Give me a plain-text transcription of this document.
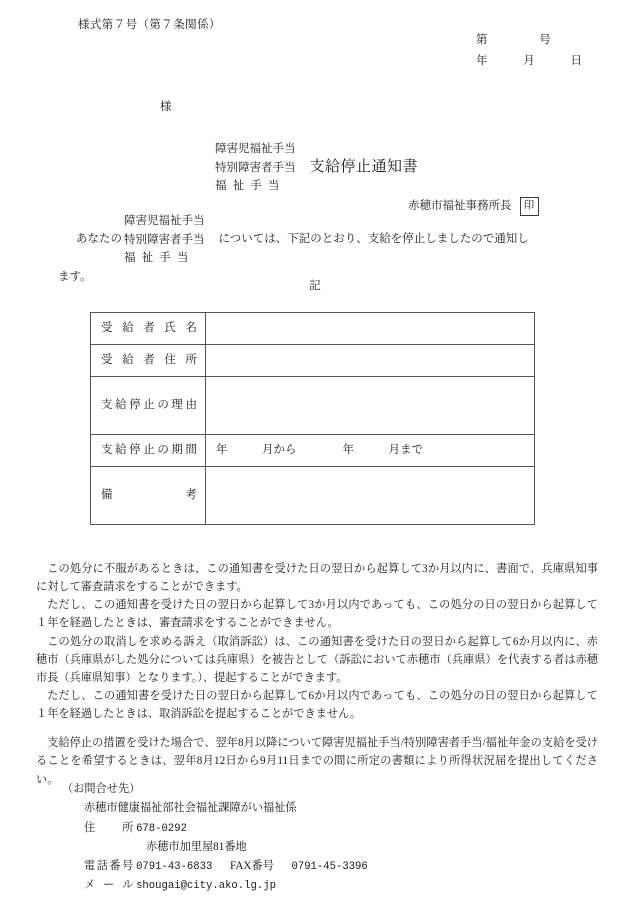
様式第７号（第７条関係）
第	号
年	月	日
様
障害児福祉手当
特別障害者手当
福祉手当
支給停止通知書
赤穂市福祉事務所長	印
あなたの
障害児福祉手当
特別障害者手当
福祉手当
については、下記のとおり、支給を停止しましたので通知し
ます。
記
受給者氏名	
受給者住所	
支給停止の理由	
支給停止の期間	年　　　月から　　　　年　　　月まで
備考	

この処分に不服があるときは、この通知書を受けた日の翌日から起算して3か月以内に、書面で、兵庫県知事に対して審査請求をすることができます。

ただし、この通知書を受けた日の翌日から起算して3か月以内であっても、この処分の日の翌日から起算して１年を経過したときは、審査請求をすることができません。

この処分の取消しを求める訴え（取消訴訟）は、この通知書を受けた日の翌日から起算して6か月以内に、赤穂市（兵庫県がした処分については兵庫県）を被告として（訴訟において赤穂市（兵庫県）を代表する者は赤穂市長（兵庫県知事）となります。）、提起することができます。

ただし、この通知書を受けた日の翌日から起算して6か月以内であっても、この処分の日の翌日から起算して１年を経過したときは、取消訴訟を提起することができません。

支給停止の措置を受けた場合で、翌年8月以降について障害児福祉手当/特別障害者手当/福祉年金の支給を受けることを希望するときは、翌年8月12日から9月11日までの間に所定の書類により所得状況届を提出してください。

（お問合せ先）
赤穂市健康福祉部社会福祉課障がい福祉係
住所 678-0292
赤穂市加里屋81番地
電話番号 0791-43-6833 FAX番号 0791-45-3396
メール shougai@city.ako.lg.jp
